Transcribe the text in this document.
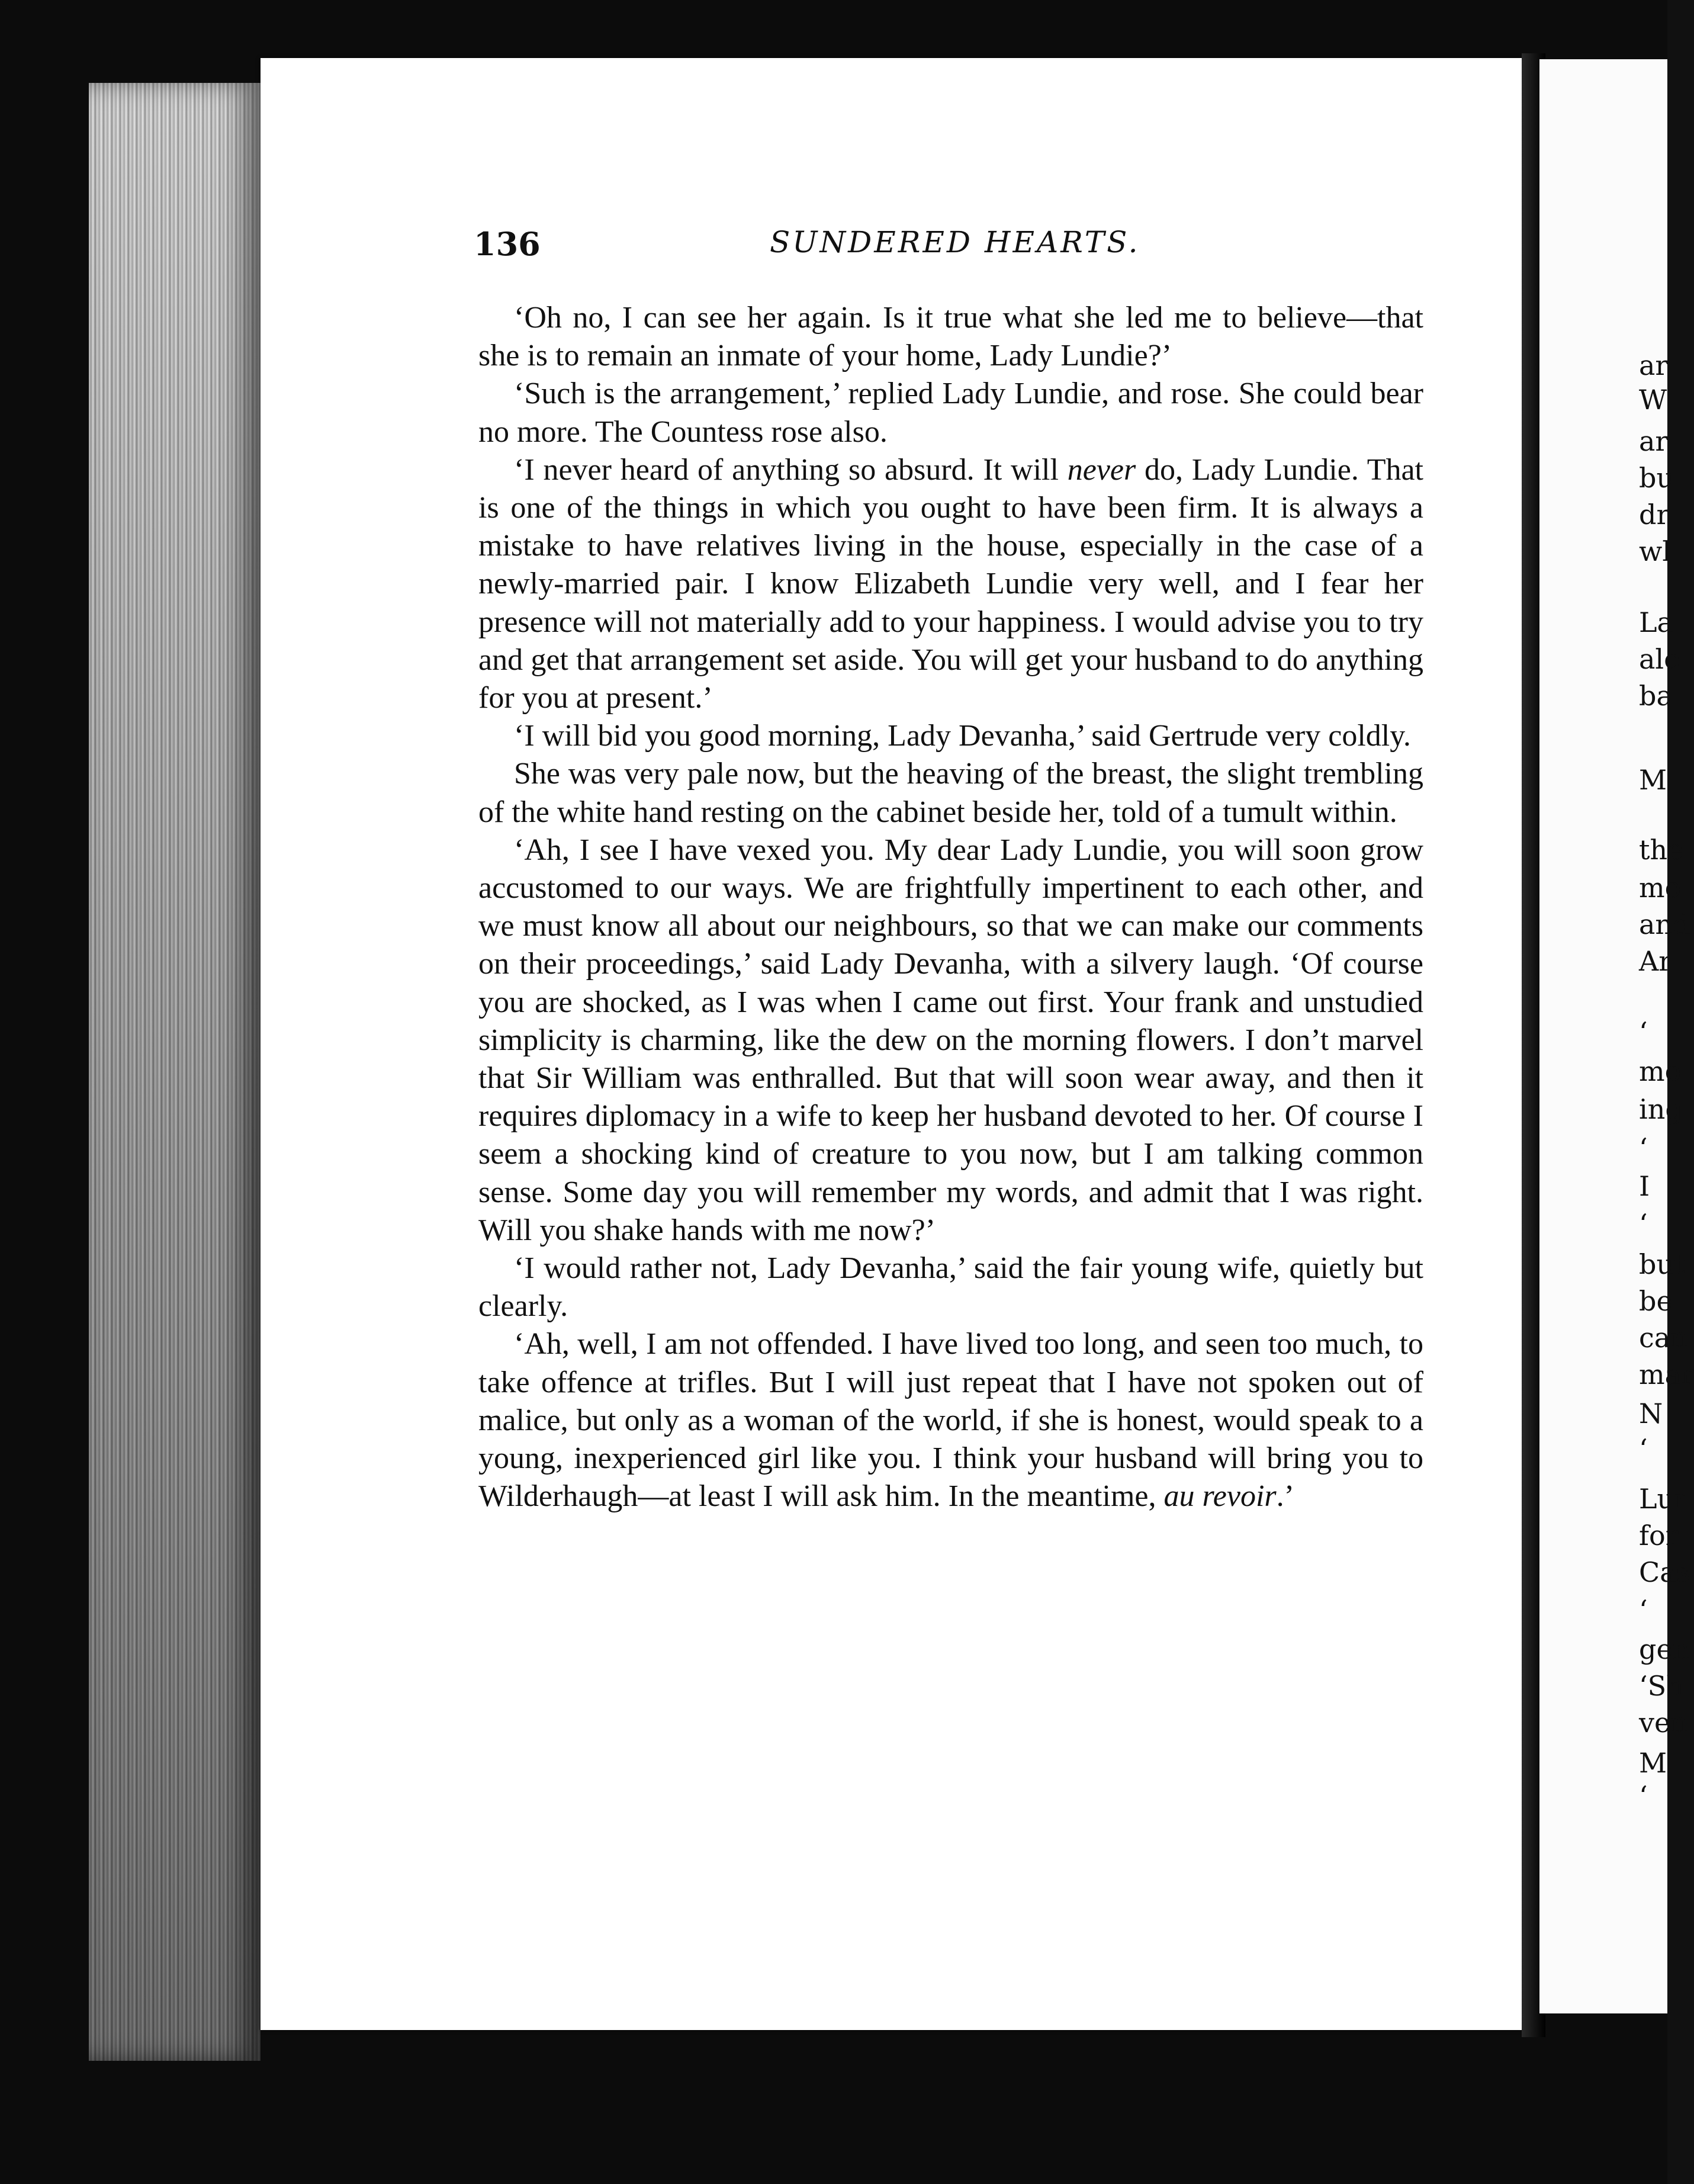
136	SUNDERED HEARTS.

‘Oh no, I can see her again. Is it true what she led me to believe—that she is to remain an inmate of your home, Lady Lundie?’

‘Such is the arrangement,’ replied Lady Lundie, and rose. She could bear no more. The Countess rose also.

‘I never heard of anything so absurd. It will never do, Lady Lundie. That is one of the things in which you ought to have been firm. It is always a mistake to have relatives living in the house, especially in the case of a newly-married pair. I know Elizabeth Lundie very well, and I fear her presence will not materially add to your happiness. I would advise you to try and get that arrangement set aside. You will get your husband to do anything for you at present.’

‘I will bid you good morning, Lady Devanha,’ said Gertrude very coldly.

She was very pale now, but the heaving of the breast, the slight trembling of the white hand resting on the cabinet beside her, told of a tumult within.

‘Ah, I see I have vexed you. My dear Lady Lundie, you will soon grow accustomed to our ways. We are frightfully impertinent to each other, and we must know all about our neighbours, so that we can make our comments on their proceedings,’ said Lady Devanha, with a silvery laugh. ‘Of course you are shocked, as I was when I came out first. Your frank and unstudied simplicity is charming, like the dew on the morning flowers. I don’t marvel that Sir William was enthralled. But that will soon wear away, and then it requires diplomacy in a wife to keep her husband devoted to her. Of course I seem a shocking kind of creature to you now, but I am talking common sense. Some day you will remember my words, and admit that I was right. Will you shake hands with me now?’

‘I would rather not, Lady Devanha,’ said the fair young wife, quietly but clearly.

‘Ah, well, I am not offended. I have lived too long, and seen too much, to take offence at trifles. But I will just repeat that I have not spoken out of malice, but only as a woman of the world, if she is honest, would speak to a young, inexperienced girl like you. I think your husband will bring you to Wilderhaugh—at least I will ask him. In the meantime, au revoir.’

ar
W
ar
bu
dr
wl
La
alo
ba
M
the
mo
and
Ar
‘
mo
ing
‘
I
‘
but
be
can
mar
N
‘
Lur
for
Cas
‘
gen
‘Sh
ven
M
‘
